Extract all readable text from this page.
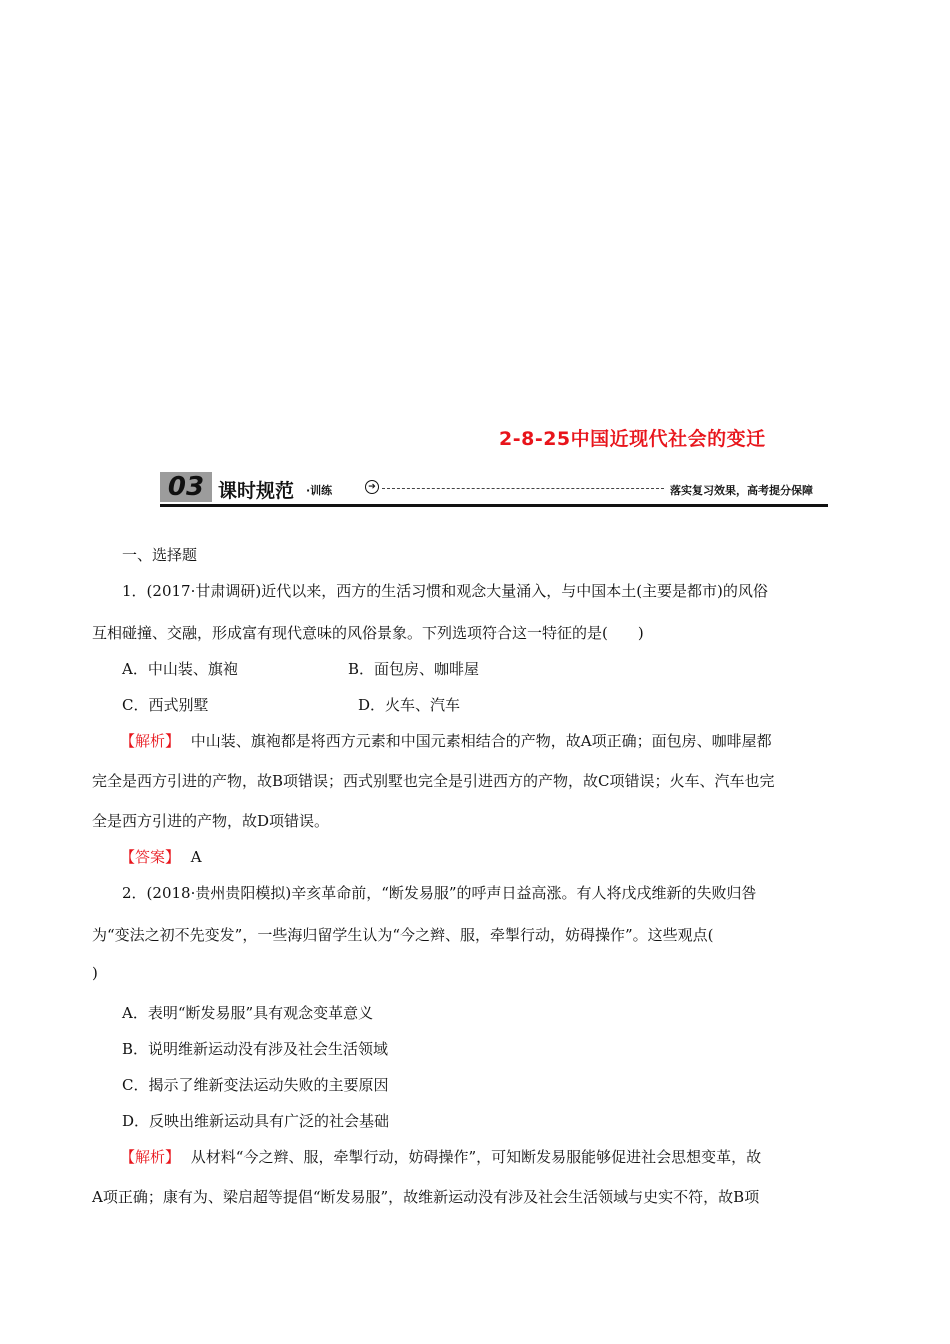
2-8-25中国近现代社会的变迁
03 课时规范 ·训练	➔	落实复习效果，高考提分保障
一、选择题
1．(2017·甘肃调研)近代以来，西方的生活习惯和观念大量涌入，与中国本土(主要是都市)的风俗
互相碰撞、交融，形成富有现代意味的风俗景象。下列选项符合这一特征的是(　　)
A．中山装、旗袍	B．面包房、咖啡屋
C．西式别墅	D．火车、汽车
【解析】 中山装、旗袍都是将西方元素和中国元素相结合的产物，故A项正确；面包房、咖啡屋都
完全是西方引进的产物，故B项错误；西式别墅也完全是引进西方的产物，故C项错误；火车、汽车也完
全是西方引进的产物，故D项错误。
【答案】 A
2．(2018·贵州贵阳模拟)辛亥革命前，“断发易服”的呼声日益高涨。有人将戊戌维新的失败归咎
为“变法之初不先变发”，一些海归留学生认为“今之辫、服，牵掣行动，妨碍操作”。这些观点(
)
A．表明“断发易服”具有观念变革意义
B．说明维新运动没有涉及社会生活领域
C．揭示了维新变法运动失败的主要原因
D．反映出维新运动具有广泛的社会基础
【解析】 从材料“今之辫、服，牵掣行动，妨碍操作”，可知断发易服能够促进社会思想变革，故
A项正确；康有为、梁启超等提倡“断发易服”，故维新运动没有涉及社会生活领域与史实不符，故B项
